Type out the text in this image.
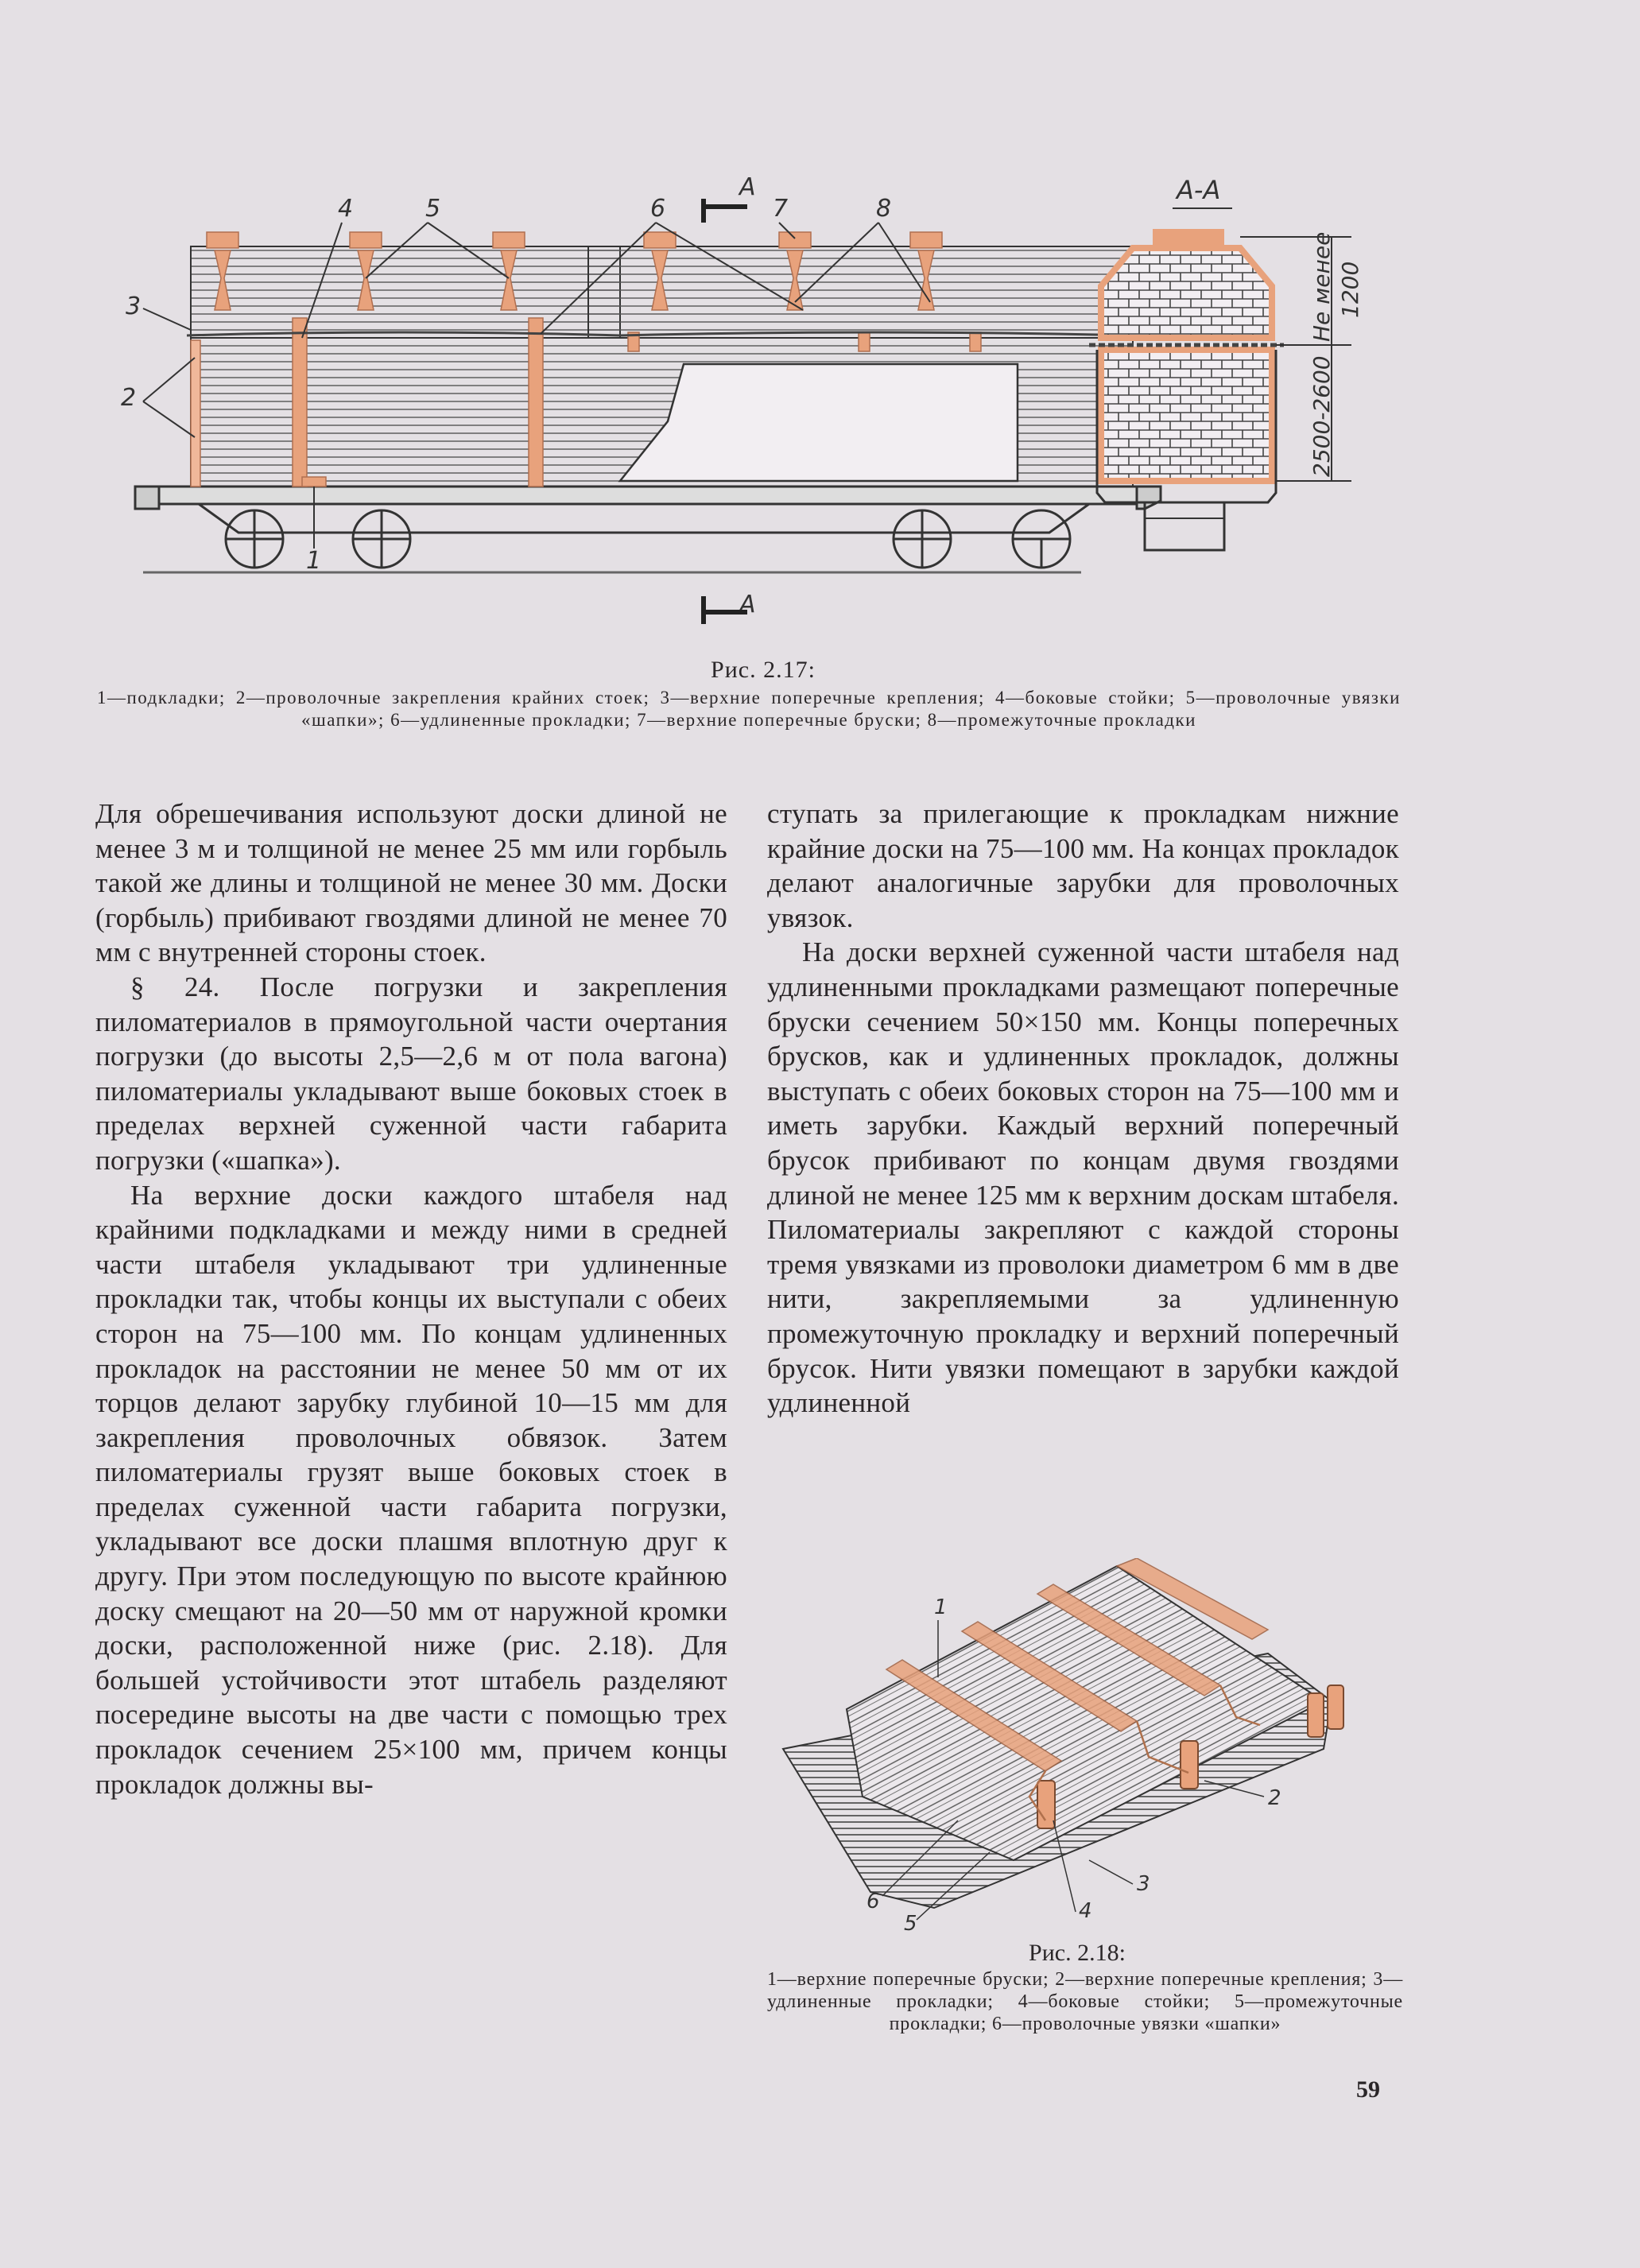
4	5	6	7	8
3
2
1
A
A
А-А
Не менее 1200
2500-2600
Рис. 2.17:
1—подкладки; 2—проволочные закрепления крайних стоек; 3—верхние поперечные крепления; 4—боковые стойки; 5—проволочные увязки «шапки»; 6—удлиненные прокладки; 7—верхние поперечные бруски; 8—промежуточные прокладки

Для обрешечивания используют доски длиной не менее 3 м и толщиной не менее 25 мм или горбыль такой же длины и толщиной не менее 30 мм. Доски (горбыль) прибивают гвоздями длиной не менее 70 мм с внутренней стороны стоек.

§ 24. После погрузки и закрепления пиломатериалов в прямоугольной части очертания погрузки (до высоты 2,5—2,6 м от пола вагона) пиломатериалы укладывают выше боковых стоек в пределах верхней суженной части габарита погрузки («шапка»).

На верхние доски каждого штабеля над крайними подкладками и между ними в средней части штабеля укладывают три удлиненные прокладки так, чтобы концы их выступали с обеих сторон на 75—100 мм. По концам удлиненных прокладок на расстоянии не менее 50 мм от их торцов делают зарубку глубиной 10—15 мм для закрепления проволочных обвязок. Затем пиломатериалы грузят выше боковых стоек в пределах суженной части габарита погрузки, укладывают все доски плашмя вплотную друг к другу. При этом последующую по высоте крайнюю доску смещают на 20—50 мм от наружной кромки доски, расположенной ниже (рис. 2.18). Для большей устойчивости этот штабель разделяют посередине высоты на две части с помощью трех прокладок сечением 25×100 мм, причем концы прокладок должны вы-

ступать за прилегающие к прокладкам нижние крайние доски на 75—100 мм. На концах прокладок делают аналогичные зарубки для проволочных увязок.

На доски верхней суженной части штабеля над удлиненными прокладками размещают поперечные бруски сечением 50×150 мм. Концы поперечных брусков, как и удлиненных прокладок, должны выступать с обеих боковых сторон на 75—100 мм и иметь зарубки. Каждый верхний поперечный брусок прибивают по концам двумя гвоздями длиной не менее 125 мм к верхним доскам штабеля. Пиломатериалы закрепляют с каждой стороны тремя увязками из проволоки диаметром 6 мм в две нити, закрепляемыми за удлиненную промежуточную прокладку и верхний поперечный брусок. Нити увязки помещают в зарубки каждой удлиненной

1
2
3
4
5
6
Рис. 2.18:
1—верхние поперечные бруски; 2—верхние поперечные крепления; 3—удлиненные прокладки; 4—боковые стойки; 5—промежуточные прокладки; 6—проволочные увязки «шапки»
59
